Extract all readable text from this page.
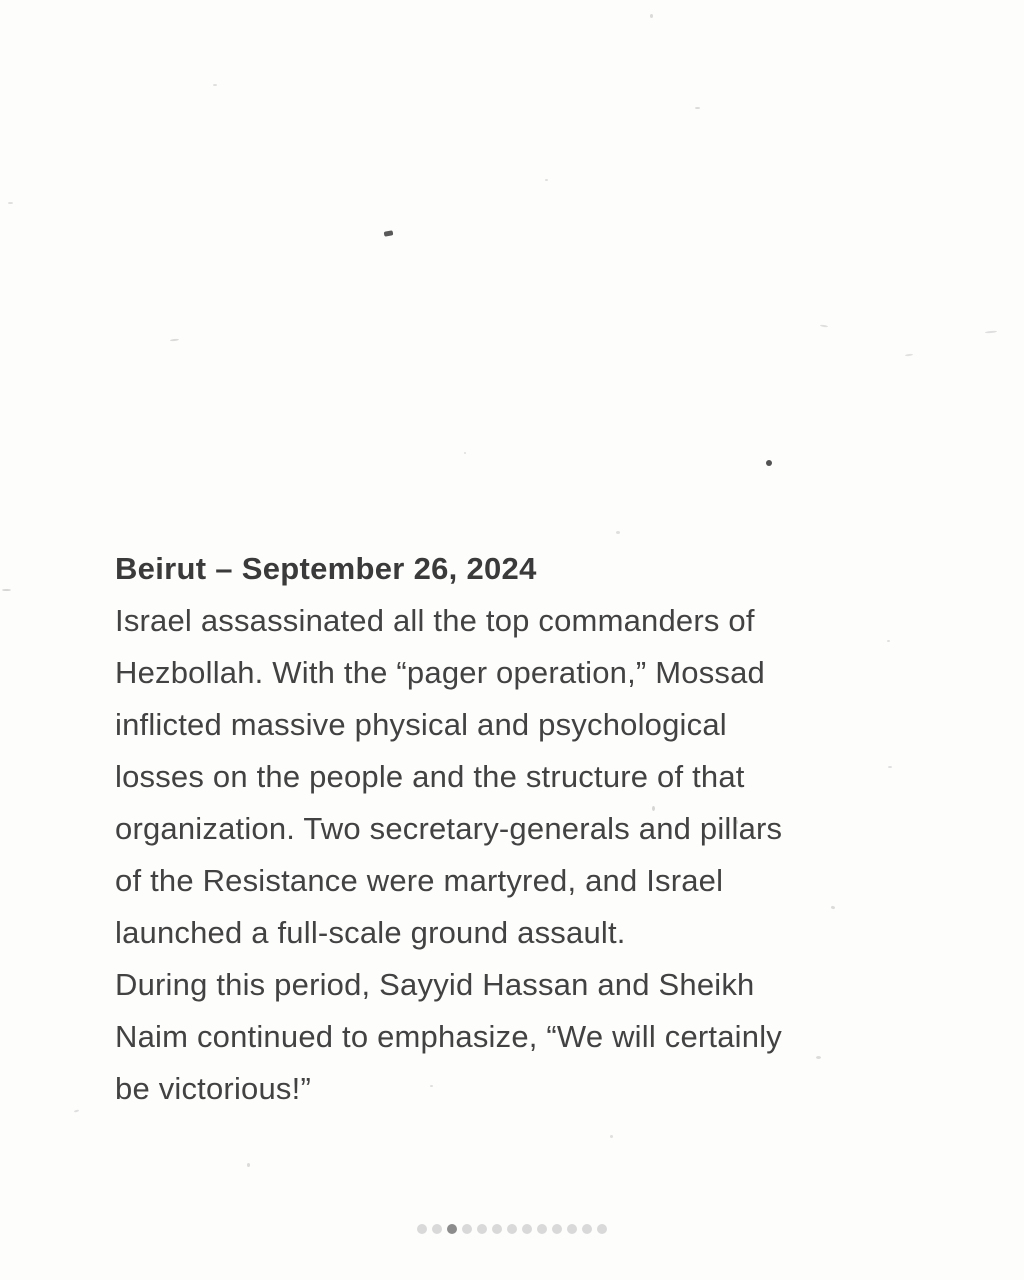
Beirut – September 26, 2024
Israel assassinated all the top commanders of
Hezbollah. With the “pager operation,” Mossad
inflicted massive physical and psychological
losses on the people and the structure of that
organization. Two secretary-generals and pillars
of the Resistance were martyred, and Israel
launched a full-scale ground assault.
During this period, Sayyid Hassan and Sheikh
Naim continued to emphasize, “We will certainly
be victorious!”
